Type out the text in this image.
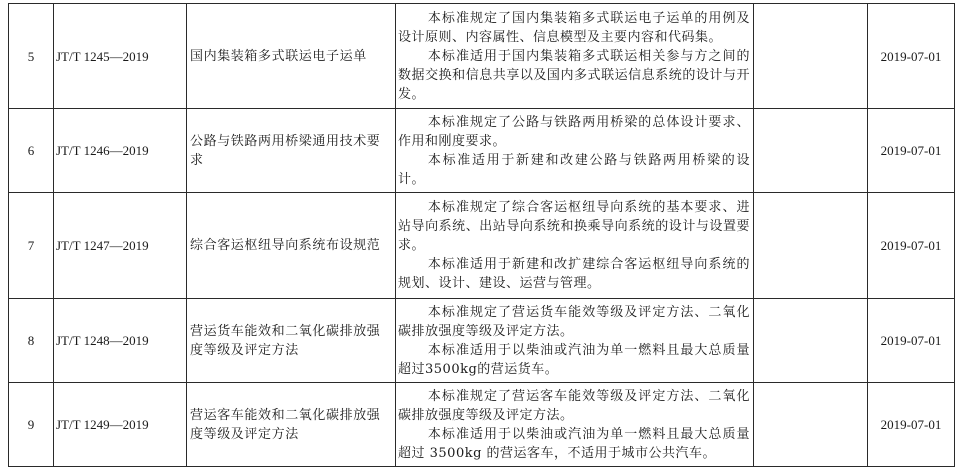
5	JT/T 1245—2019	国内集装箱多式联运电子运单	本标准规定了国内集装箱多式联运电子运单的用例及设计原则、内容属性、信息模型及主要内容和代码集。

本标准适用于国内集装箱多式联运相关参与方之间的数据交换和信息共享以及国内多式联运信息系统的设计与开发。		2019-07-01
6	JT/T 1246—2019	公路与铁路两用桥梁通用技术要求	本标准规定了公路与铁路两用桥梁的总体设计要求、作用和刚度要求。

本标准适用于新建和改建公路与铁路两用桥梁的设计。		2019-07-01
7	JT/T 1247—2019	综合客运枢纽导向系统布设规范	本标准规定了综合客运枢纽导向系统的基本要求、进站导向系统、出站导向系统和换乘导向系统的设计与设置要求。

本标准适用于新建和改扩建综合客运枢纽导向系统的规划、设计、建设、运营与管理。		2019-07-01
8	JT/T 1248—2019	营运货车能效和二氧化碳排放强度等级及评定方法	本标准规定了营运货车能效等级及评定方法、二氧化碳排放强度等级及评定方法。

本标准适用于以柴油或汽油为单一燃料且最大总质量超过3500kg的营运货车。		2019-07-01
9	JT/T 1249—2019	营运客车能效和二氧化碳排放强度等级及评定方法	本标准规定了营运客车能效等级及评定方法、二氧化碳排放强度等级及评定方法。

本标准适用于以柴油或汽油为单一燃料且最大总质量超过 3500kg 的营运客车，不适用于城市公共汽车。		2019-07-01
